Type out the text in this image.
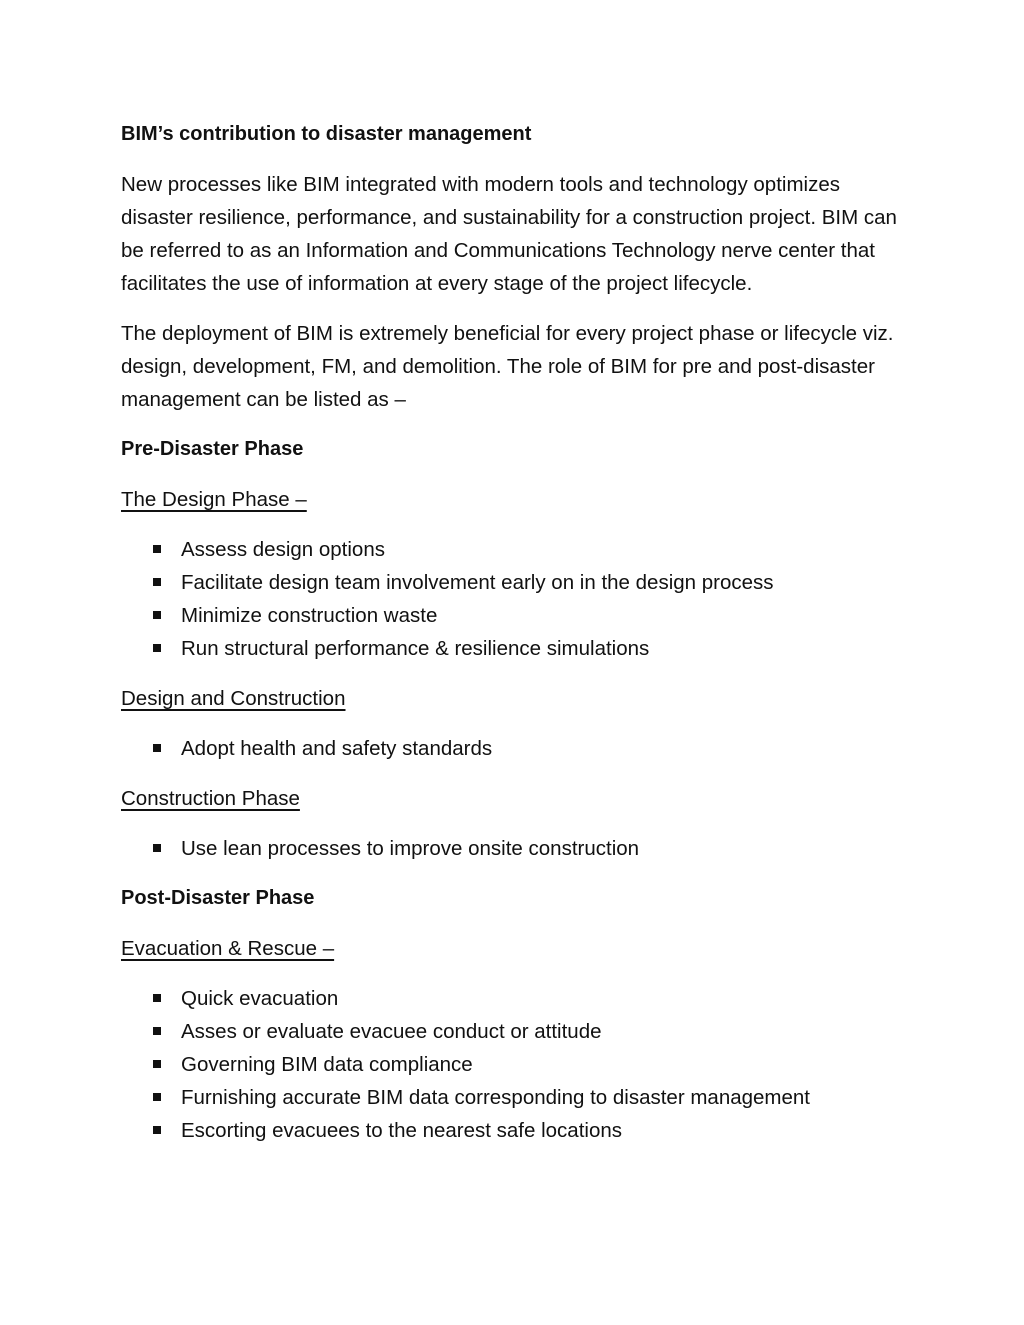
BIM’s contribution to disaster management

New processes like BIM integrated with modern tools and technology optimizes disaster resilience, performance, and sustainability for a construction project. BIM can be referred to as an Information and Communications Technology nerve center that facilitates the use of information at every stage of the project lifecycle.

The deployment of BIM is extremely beneficial for every project phase or lifecycle viz. design, development, FM, and demolition. The role of BIM for pre and post-disaster management can be listed as –

Pre-Disaster Phase

The Design Phase –

Assess design options
Facilitate design team involvement early on in the design process
Minimize construction waste
Run structural performance & resilience simulations

Design and Construction

Adopt health and safety standards

Construction Phase

Use lean processes to improve onsite construction

Post-Disaster Phase

Evacuation & Rescue –

Quick evacuation
Asses or evaluate evacuee conduct or attitude
Governing BIM data compliance
Furnishing accurate BIM data corresponding to disaster management
Escorting evacuees to the nearest safe locations
